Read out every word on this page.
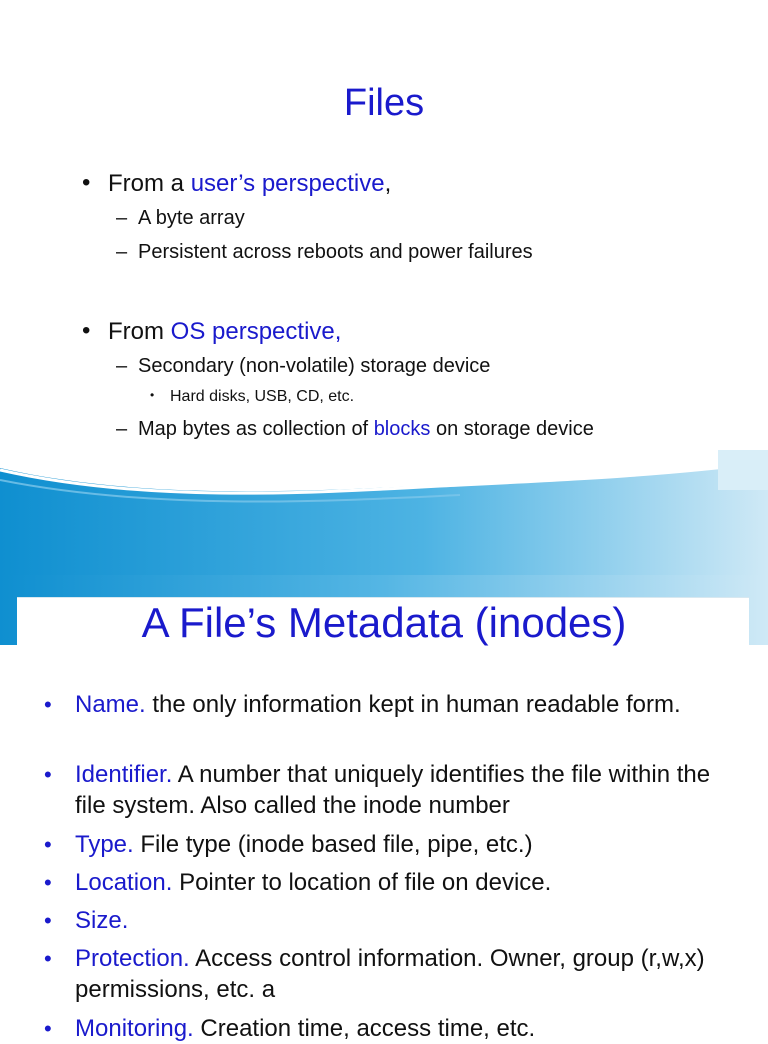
Files
• From a user’s perspective,
– A byte array
– Persistent across reboots and power failures
• From OS perspective,
– Secondary (non-volatile) storage device
• Hard disks, USB, CD, etc.
– Map bytes as collection of blocks on storage device
A File’s Metadata (inodes)
• Name. the only information kept in human readable form.
• Identifier. A number that uniquely identifies the file within the file system. Also called the inode number
• Type. File type (inode based file, pipe, etc.)
• Location. Pointer to location of file on device.
• Size.
• Protection. Access control information. Owner, group (r,w,x) permissions, etc. a
• Monitoring. Creation time, access time, etc.
